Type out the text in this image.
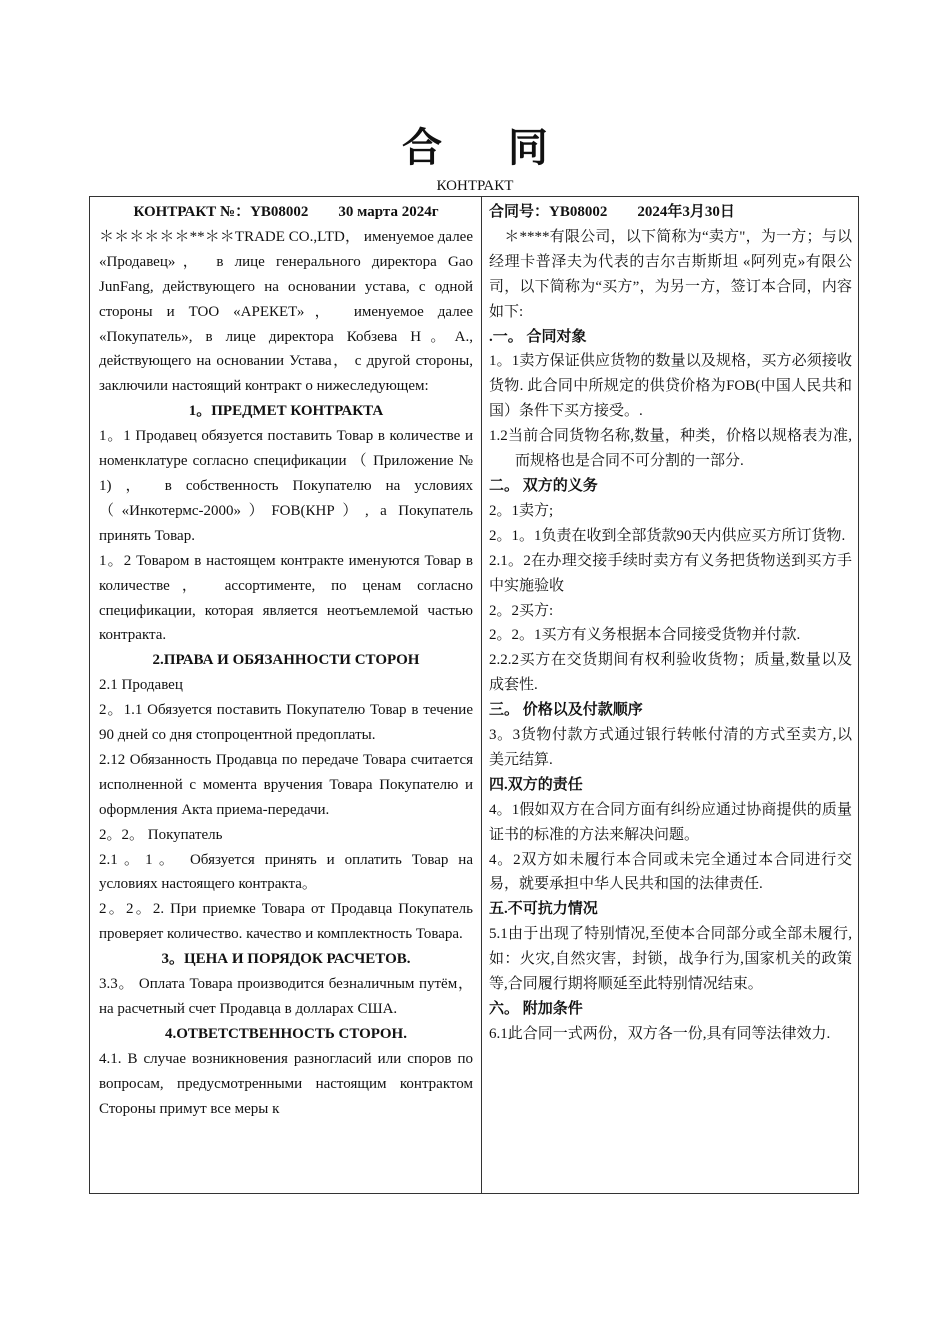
合 同
КОНТРАКТ

КОНТРАКТ №：YB08002　　30 марта 2024г

＊＊＊＊＊＊**＊＊TRADE CO.,LTD， именуемое далее «Продавец»， в лице генерального директора Gao JunFang, действующего на основании устава, с одной стороны и ТОО «АРЕКЕТ»， именуемое далее «Покупатель», в лице директора Кобзева Н。А., действующего на основании Устава， с другой стороны, заключили настоящий контракт о нижеследующем:

1。ПРЕДМЕТ КОНТРАКТА

1。1 Продавец обязуется поставить Товар в количестве и номенклатуре согласно спецификации （ Приложение № 1) ， в собственность Покупателю на условиях （«Инкотермс-2000»）FOB(КНР）, а Покупатель принять Товар.

1。2 Товаром в настоящем контракте именуются Товар в количестве， ассортименте, по ценам согласно спецификации, которая является неотъемлемой частью контракта.

2.ПРАВА И ОБЯЗАННОСТИ СТОРОН

2.1 Продавец

2。1.1 Обязуется поставить Покупателю Товар в течение 90 дней со дня стопроцентной предоплаты.

2.12 Обязанность Продавца по передаче Товара считается исполненной с момента вручения Товара Покупателю и оформления Акта приема-передачи.

2。2。 Покупатель

2.1。1。 Обязуется принять и оплатить Товар на условиях настоящего контракта。

2。2。2. При приемке Товара от Продавца Покупатель проверяет количество. качество и комплектность Товара.

3。ЦЕНА И ПОРЯДОК РАСЧЕТОВ.

3.3。 Оплата Товара производится безналичным путём， на расчетный счет Продавца в долларах США.

4.ОТВЕТСТВЕННОСТЬ СТОРОН.

4.1. В случае возникновения разногласий или споров по вопросам, предусмотренными настоящим контрактом Стороны примут все меры к

合同号：YB08002　　2024年3月30日

　＊****有限公司，以下简称为“卖方"，为一方；与以经理卡普泽夫为代表的吉尔吉斯斯坦 «阿列克»有限公司，以下简称为“买方”，为另一方，签订本合同，内容如下:

.一。 合同对象

1。1卖方保证供应货物的数量以及规格，买方必须接收货物. 此合同中所规定的供贷价格为FOB(中国人民共和国）条件下买方接受。.

1.2当前合同货物名称,数量，种类，价格以规格表为准,而规格也是合同不可分割的一部分.

二。 双方的义务

2。1卖方;

2。1。1负责在收到全部货款90天内供应买方所订货物.

2.1。2在办理交接手续时卖方有义务把货物送到买方手中实施验收

2。2买方:

2。2。1买方有义务根据本合同接受货物并付款.

2.2.2买方在交货期间有权利验收货物；质量,数量以及成套性.

三。 价格以及付款顺序

3。3货物付款方式通过银行转帐付清的方式至卖方,以美元结算.

四.双方的责任

4。1假如双方在合同方面有纠纷应通过协商提供的质量证书的标准的方法来解决问题。

4。2双方如未履行本合同或未完全通过本合同进行交易，就要承担中华人民共和国的法律责任.

五.不可抗力情况

5.1由于出现了特别情况,至使本合同部分或全部未履行,如：火灾,自然灾害，封锁，战争行为,国家机关的政策等,合同履行期将顺延至此特别情况结束。

六。 附加条件

6.1此合同一式两份，双方各一份,具有同等法律效力.
